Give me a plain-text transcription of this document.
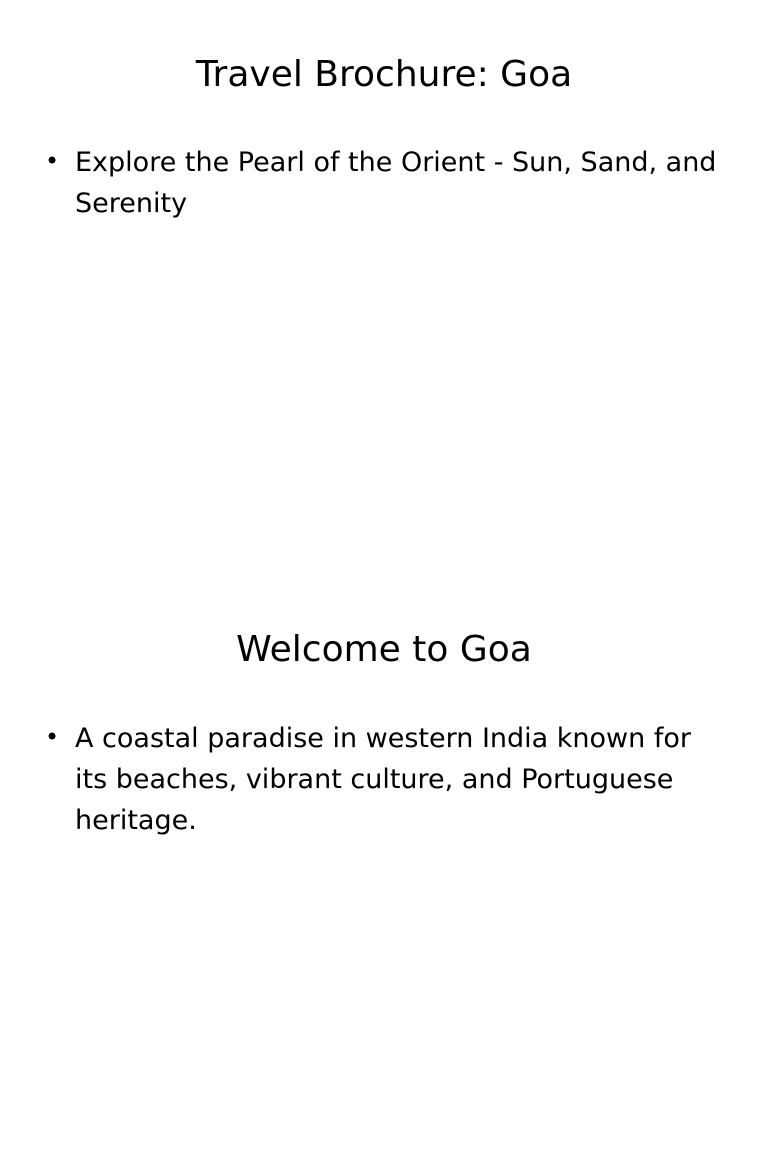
Travel Brochure: Goa
• Explore the Pearl of the Orient - Sun, Sand, and Serenity
Welcome to Goa
• A coastal paradise in western India known for its beaches, vibrant culture, and Portuguese heritage.
